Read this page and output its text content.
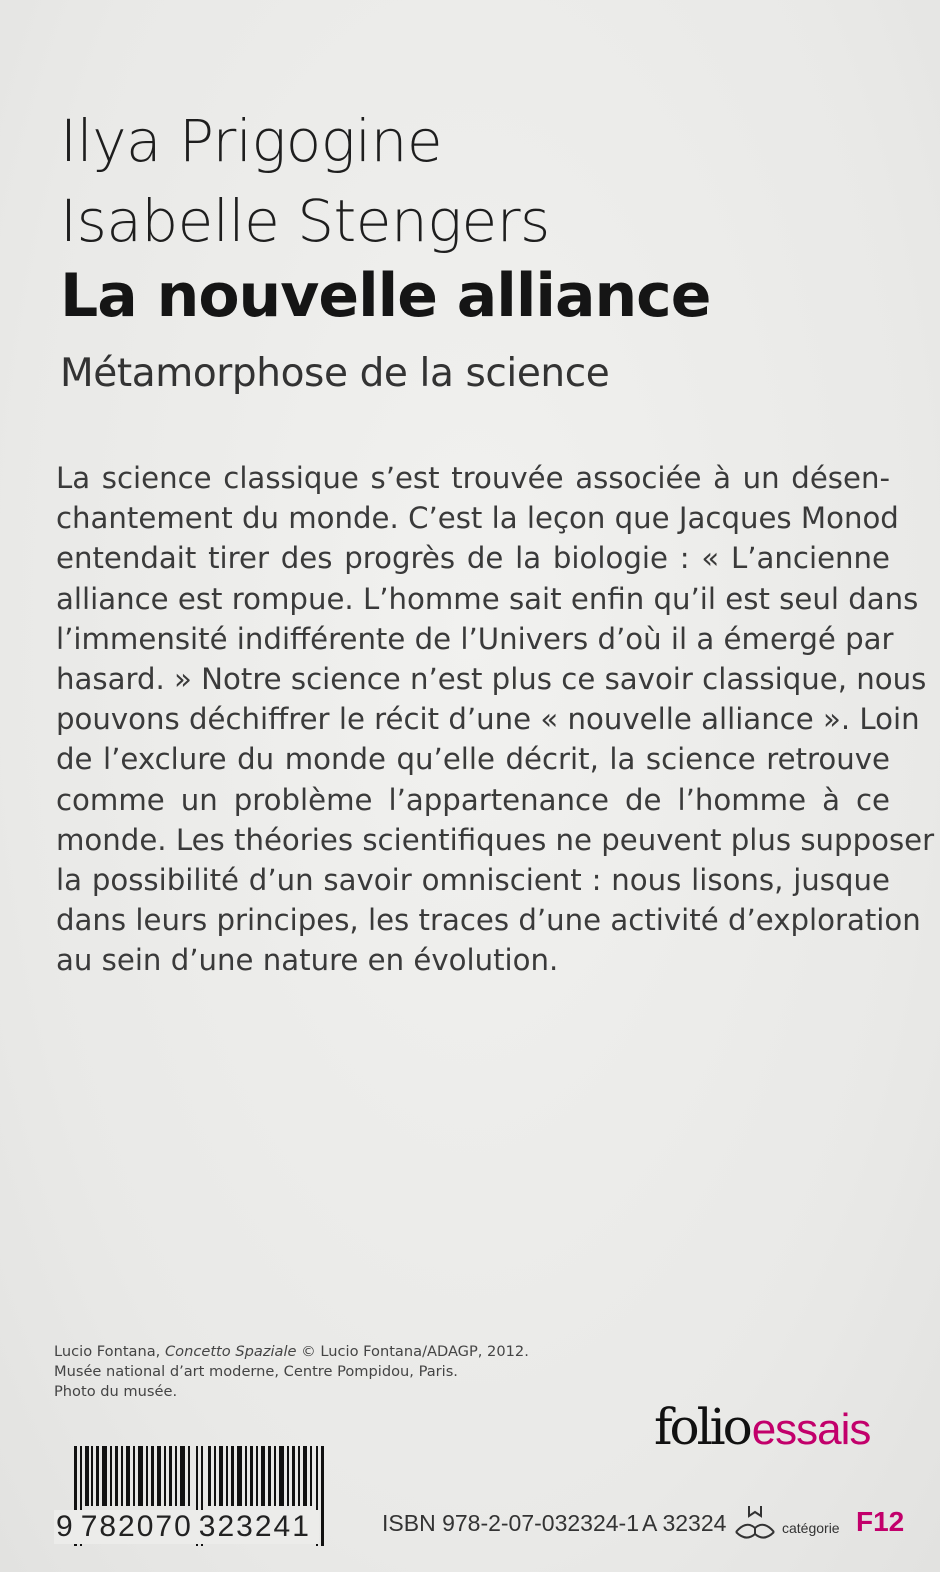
Ilya Prigogine
Isabelle Stengers
La nouvelle alliance
Métamorphose de la science

La science classique s’est trouvée associée à un désen-

chantement du monde. C’est la leçon que Jacques Monod

entendait tirer des progrès de la biologie : « L’ancienne

alliance est rompue. L’homme sait enfin qu’il est seul dans

l’immensité indifférente de l’Univers d’où il a émergé par

hasard. » Notre science n’est plus ce savoir classique, nous

pouvons déchiffrer le récit d’une « nouvelle alliance ». Loin

de l’exclure du monde qu’elle décrit, la science retrouve

comme un problème l’appartenance de l’homme à ce

monde. Les théories scientifiques ne peuvent plus supposer

la possibilité d’un savoir omniscient : nous lisons, jusque

dans leurs principes, les traces d’une activité d’exploration

au sein d’une nature en évolution.

Lucio Fontana, Concetto Spaziale © Lucio Fontana/ADAGP, 2012.
Musée national d’art moderne, Centre Pompidou, Paris.
Photo du musée.
folioessais
9 782070 323241	ISBN 978-2-07-032324-1 A 32324	catégorie F12
